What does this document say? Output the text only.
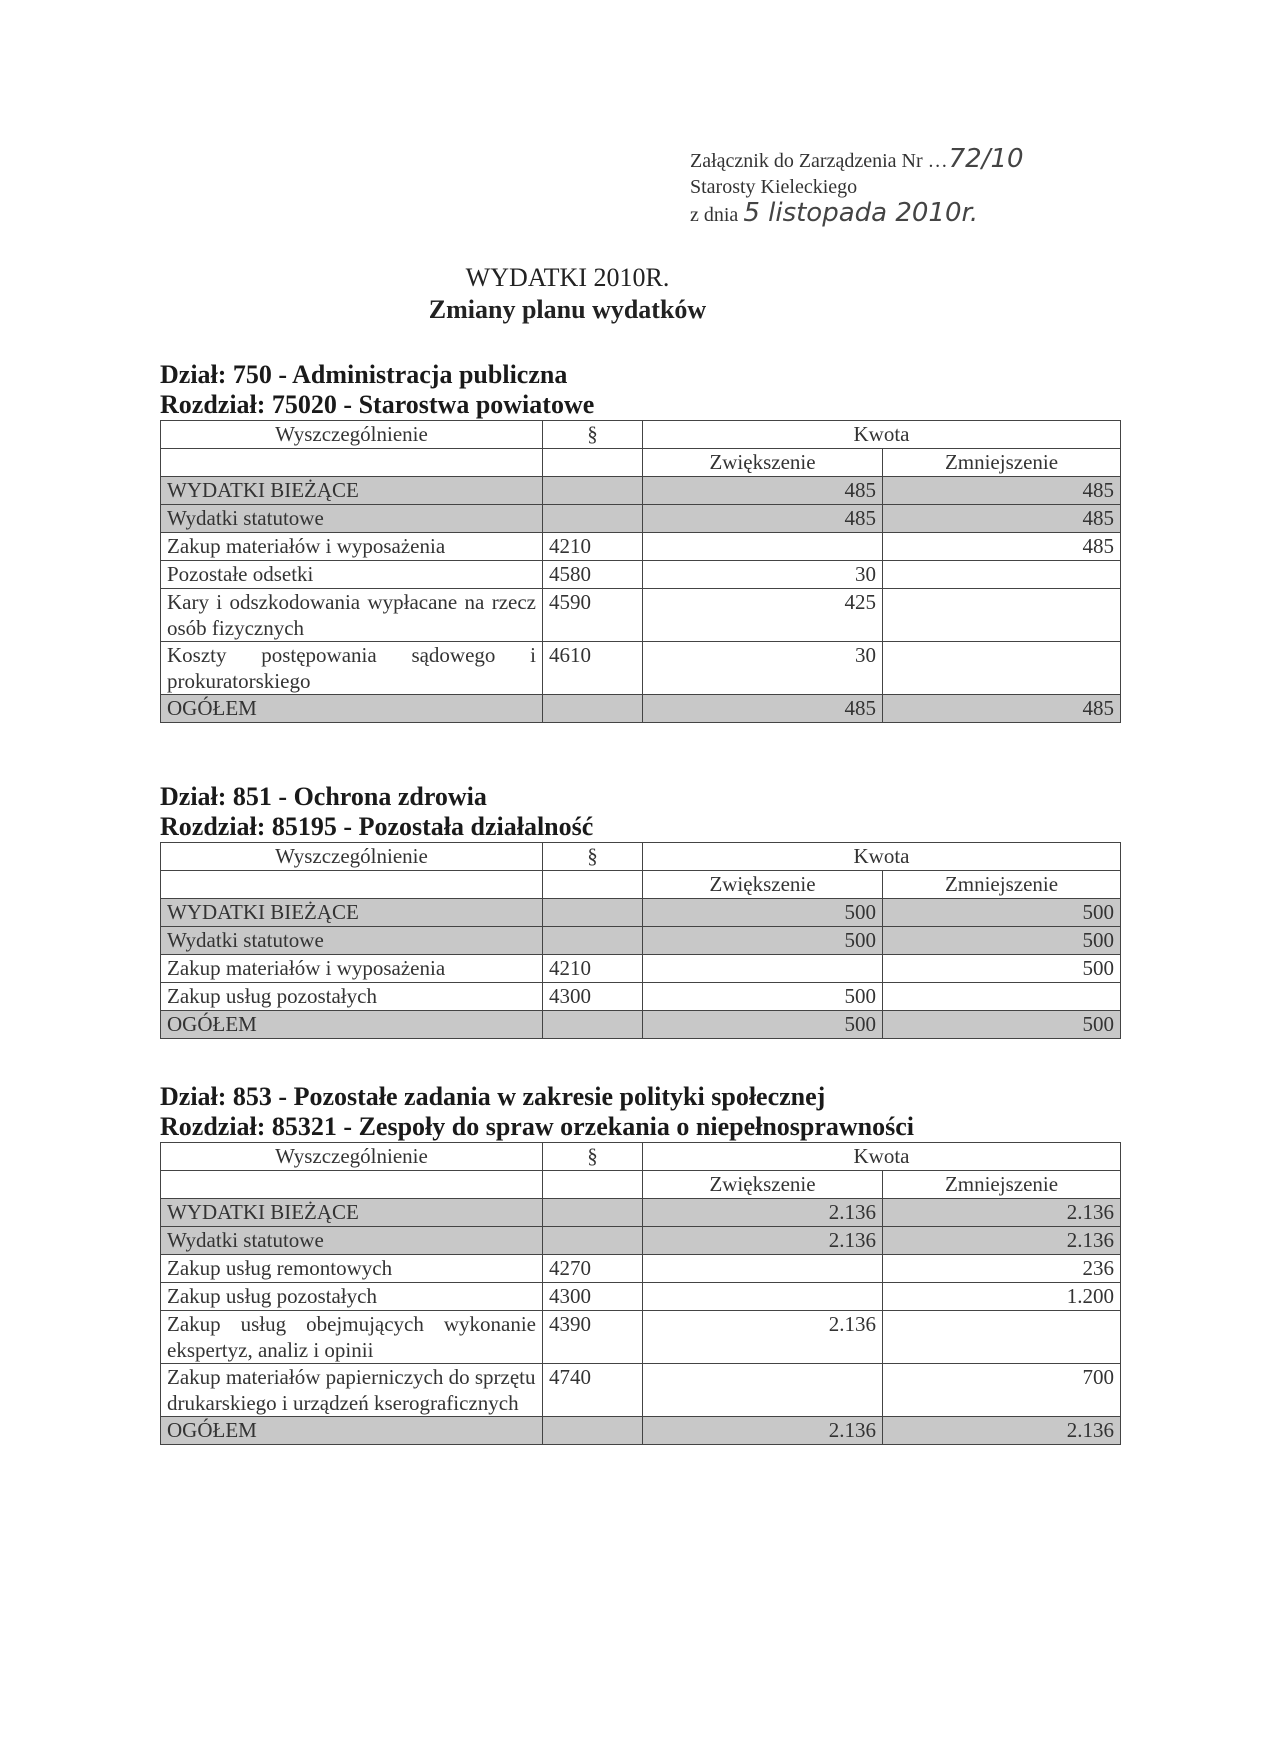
Załącznik do Zarządzenia Nr …72/10
Starosty Kieleckiego
z dnia 5 listopada 2010r.
WYDATKI 2010R.
Zmiany planu wydatków
Dział: 750 - Administracja publiczna
Rozdział: 75020 - Starostwa powiatowe
Wyszczególnienie	§	Kwota	
		Zwiększenie	Zmniejszenie
WYDATKI BIEŻĄCE		485	485
Wydatki statutowe		485	485
Zakup materiałów i wyposażenia	4210		485
Pozostałe odsetki	4580	30	
Kary i odszkodowania wypłacane na rzecz osób fizycznych	4590	425	
Koszty postępowania sądowego i prokuratorskiego	4610	30	
OGÓŁEM		485	485
Dział: 851 - Ochrona zdrowia
Rozdział: 85195 - Pozostała działalność
Wyszczególnienie	§	Kwota	
		Zwiększenie	Zmniejszenie
WYDATKI BIEŻĄCE		500	500
Wydatki statutowe		500	500
Zakup materiałów i wyposażenia	4210		500
Zakup usług pozostałych	4300	500	
OGÓŁEM		500	500
Dział: 853 - Pozostałe zadania w zakresie polityki społecznej
Rozdział: 85321 - Zespoły do spraw orzekania o niepełnosprawności
Wyszczególnienie	§	Kwota	
		Zwiększenie	Zmniejszenie
WYDATKI BIEŻĄCE		2.136	2.136
Wydatki statutowe		2.136	2.136
Zakup usług remontowych	4270		236
Zakup usług pozostałych	4300		1.200
Zakup usług obejmujących wykonanie ekspertyz, analiz i opinii	4390	2.136	
Zakup materiałów papierniczych do sprzętu drukarskiego i urządzeń kserograficznych	4740		700
OGÓŁEM		2.136	2.136
